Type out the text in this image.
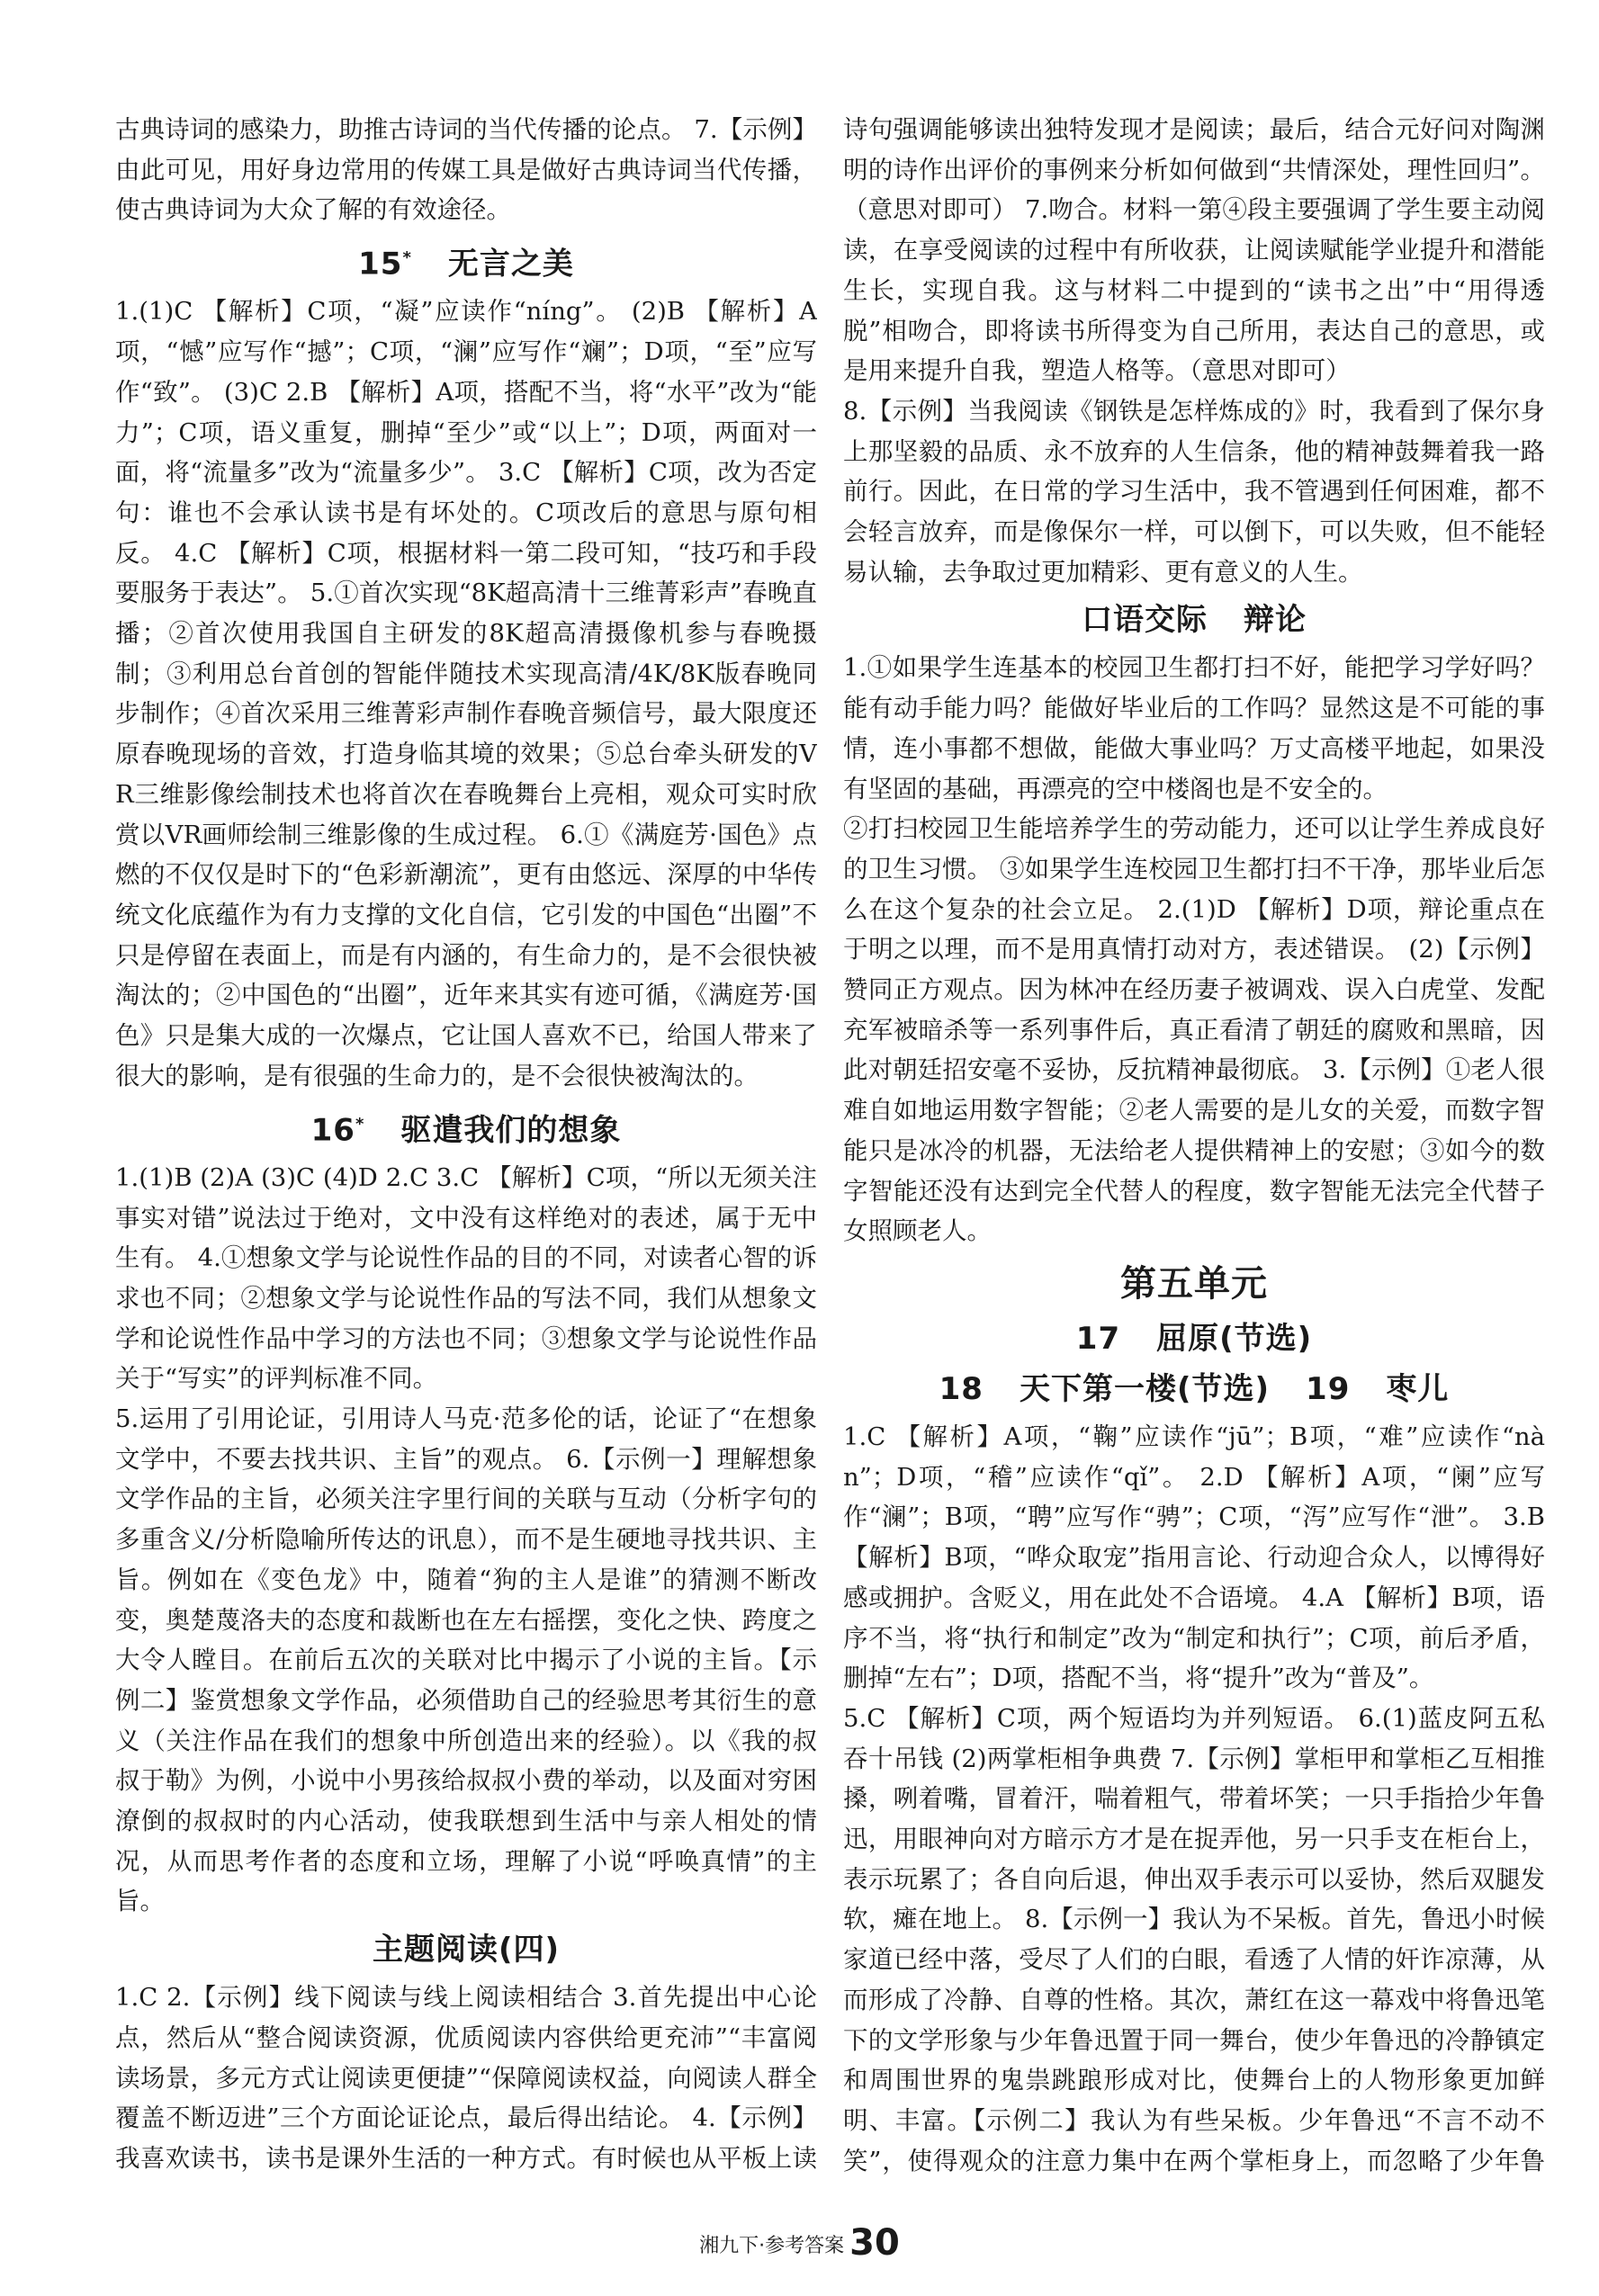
古典诗词的感染力，助推古诗词的当代传播的论点。 7.【示例】由此可见，用好身边常用的传媒工具是做好古典诗词当代传播，使古典诗词为大众了解的有效途径。

15* 无言之美

1.(1)C 【解析】C项，“凝”应读作“níng”。 (2)B 【解析】A项，“憾”应写作“撼”；C项，“澜”应写作“斓”；D项，“至”应写作“致”。 (3)C 2.B 【解析】A项，搭配不当，将“水平”改为“能力”；C项，语义重复，删掉“至少”或“以上”；D项，两面对一面，将“流量多”改为“流量多少”。 3.C 【解析】C项，改为否定句：谁也不会承认读书是有坏处的。C项改后的意思与原句相反。 4.C 【解析】C项，根据材料一第二段可知，“技巧和手段要服务于表达”。 5.①首次实现“8K超高清十三维菁彩声”春晚直播；②首次使用我国自主研发的8K超高清摄像机参与春晚摄制；③利用总台首创的智能伴随技术实现高清/4K/8K版春晚同步制作；④首次采用三维菁彩声制作春晚音频信号，最大限度还原春晚现场的音效，打造身临其境的效果；⑤总台牵头研发的VR三维影像绘制技术也将首次在春晚舞台上亮相，观众可实时欣赏以VR画师绘制三维影像的生成过程。 6.①《满庭芳·国色》点燃的不仅仅是时下的“色彩新潮流”，更有由悠远、深厚的中华传统文化底蕴作为有力支撑的文化自信，它引发的中国色“出圈”不只是停留在表面上，而是有内涵的，有生命力的，是不会很快被淘汰的；②中国色的“出圈”，近年来其实有迹可循，《满庭芳·国色》只是集大成的一次爆点，它让国人喜欢不已，给国人带来了很大的影响，是有很强的生命力的，是不会很快被淘汰的。

16* 驱遣我们的想象

1.(1)B (2)A (3)C (4)D 2.C 3.C 【解析】C项，“所以无须关注事实对错”说法过于绝对，文中没有这样绝对的表述，属于无中生有。 4.①想象文学与论说性作品的目的不同，对读者心智的诉求也不同；②想象文学与论说性作品的写法不同，我们从想象文学和论说性作品中学习的方法也不同；③想象文学与论说性作品关于“写实”的评判标准不同。

5.运用了引用论证，引用诗人马克·范多伦的话，论证了“在想象文学中，不要去找共识、主旨”的观点。 6.【示例一】理解想象文学作品的主旨，必须关注字里行间的关联与互动（分析字句的多重含义/分析隐喻所传达的讯息），而不是生硬地寻找共识、主旨。例如在《变色龙》中，随着“狗的主人是谁”的猜测不断改变，奥楚蔑洛夫的态度和裁断也在左右摇摆，变化之快、跨度之大令人瞠目。在前后五次的关联对比中揭示了小说的主旨。【示例二】鉴赏想象文学作品，必须借助自己的经验思考其衍生的意义（关注作品在我们的想象中所创造出来的经验）。以《我的叔叔于勒》为例，小说中小男孩给叔叔小费的举动，以及面对穷困潦倒的叔叔时的内心活动，使我联想到生活中与亲人相处的情况，从而思考作者的态度和立场，理解了小说“呼唤真情”的主旨。

主题阅读(四)

1.C 2.【示例】线下阅读与线上阅读相结合 3.首先提出中心论点，然后从“整合阅读资源，优质阅读内容供给更充沛”“丰富阅读场景，多元方式让阅读更便捷”“保障阅读权益，向阅读人群全覆盖不断迈进”三个方面论证论点，最后得出结论。 4.【示例】我喜欢读书，读书是课外生活的一种方式。有时候也从平板上读

诗句强调能够读出独特发现才是阅读；最后，结合元好问对陶渊明的诗作出评价的事例来分析如何做到“共情深处，理性回归”。（意思对即可） 7.吻合。材料一第④段主要强调了学生要主动阅读，在享受阅读的过程中有所收获，让阅读赋能学业提升和潜能生长，实现自我。这与材料二中提到的“读书之出”中“用得透脱”相吻合，即将读书所得变为自己所用，表达自己的意思，或是用来提升自我，塑造人格等。（意思对即可）

8.【示例】当我阅读《钢铁是怎样炼成的》时，我看到了保尔身上那坚毅的品质、永不放弃的人生信条，他的精神鼓舞着我一路前行。因此，在日常的学习生活中，我不管遇到任何困难，都不会轻言放弃，而是像保尔一样，可以倒下，可以失败，但不能轻易认输，去争取过更加精彩、更有意义的人生。

口语交际 辩论

1.①如果学生连基本的校园卫生都打扫不好，能把学习学好吗？能有动手能力吗？能做好毕业后的工作吗？显然这是不可能的事情，连小事都不想做，能做大事业吗？万丈高楼平地起，如果没有坚固的基础，再漂亮的空中楼阁也是不安全的。

②打扫校园卫生能培养学生的劳动能力，还可以让学生养成良好的卫生习惯。 ③如果学生连校园卫生都打扫不干净，那毕业后怎么在这个复杂的社会立足。 2.(1)D 【解析】D项，辩论重点在于明之以理，而不是用真情打动对方，表述错误。 (2)【示例】赞同正方观点。因为林冲在经历妻子被调戏、误入白虎堂、发配充军被暗杀等一系列事件后，真正看清了朝廷的腐败和黑暗，因此对朝廷招安毫不妥协，反抗精神最彻底。 3.【示例】①老人很难自如地运用数字智能；②老人需要的是儿女的关爱，而数字智能只是冰冷的机器，无法给老人提供精神上的安慰；③如今的数字智能还没有达到完全代替人的程度，数字智能无法完全代替子女照顾老人。

第五单元
17 屈原(节选)
18 天下第一楼(节选) 19 枣儿

1.C 【解析】A项，“鞠”应读作“jū”；B项，“难”应读作“nàn”；D项，“稽”应读作“qǐ”。 2.D 【解析】A项，“阑”应写作“澜”；B项，“聘”应写作“骋”；C项，“泻”应写作“泄”。 3.B 【解析】B项，“哗众取宠”指用言论、行动迎合众人，以博得好感或拥护。含贬义，用在此处不合语境。 4.A 【解析】B项，语序不当，将“执行和制定”改为“制定和执行”；C项，前后矛盾，删掉“左右”；D项，搭配不当，将“提升”改为“普及”。

5.C 【解析】C项，两个短语均为并列短语。 6.(1)蓝皮阿五私吞十吊钱 (2)两掌柜相争典费 7.【示例】掌柜甲和掌柜乙互相推搡，咧着嘴，冒着汗，喘着粗气，带着坏笑；一只手指拾少年鲁迅，用眼神向对方暗示方才是在捉弄他，另一只手支在柜台上，表示玩累了；各自向后退，伸出双手表示可以妥协，然后双腿发软，瘫在地上。 8.【示例一】我认为不呆板。首先，鲁迅小时候家道已经中落，受尽了人们的白眼，看透了人情的奸诈凉薄，从而形成了冷静、自尊的性格。其次，萧红在这一幕戏中将鲁迅笔下的文学形象与少年鲁迅置于同一舞台，使少年鲁迅的冷静镇定和周围世界的鬼祟跳踉形成对比，使舞台上的人物形象更加鲜明、丰富。【示例二】我认为有些呆板。少年鲁迅“不言不动不笑”，使得观众的注意力集中在两个掌柜身上，而忽略了少年鲁

湘九下·参考答案 30
